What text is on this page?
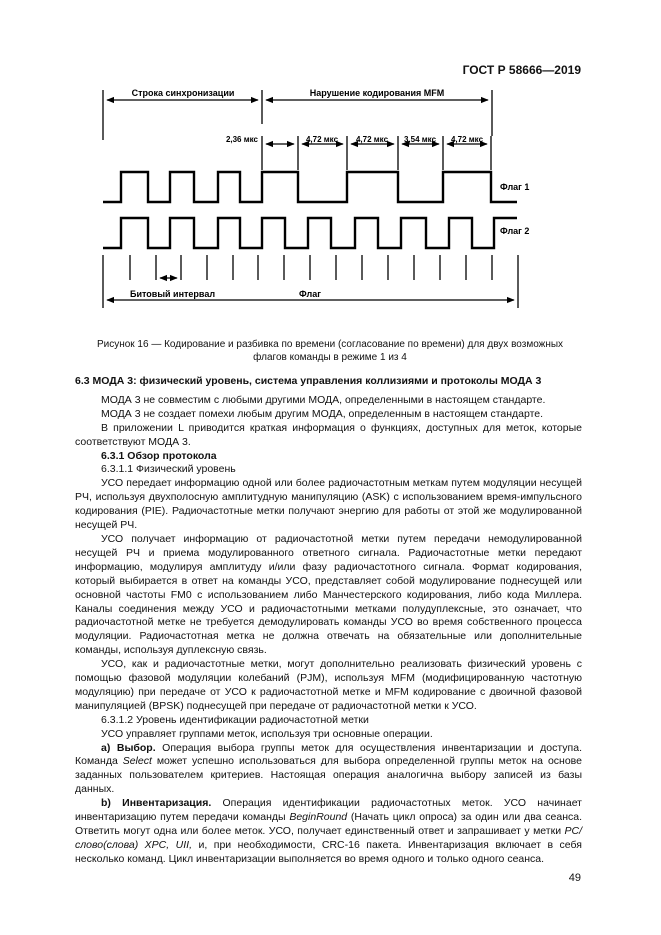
ГОСТ Р 58666—2019
Строка синхронизации	Нарушение кодирования MFM
2,36 мкс	4,72 мкс 4,72 мкс 3,54 мкс 4,72 мкс
Флаг 1
Флаг 2
Битовый интервал	Флаг
Рисунок 16 — Кодирование и разбивка по времени (согласование по времени) для двух возможных флагов команды в режиме 1 из 4

6.3 МОДА 3: физический уровень, система управления коллизиями и протоколы МОДА 3

МОДА 3 не совместим с любыми другими МОДА, определенными в настоящем стандарте.

МОДА 3 не создает помехи любым другим МОДА, определенным в настоящем стандарте.

В приложении L приводится краткая информация о функциях, доступных для меток, которые соответствуют МОДА 3.

6.3.1 Обзор протокола

6.3.1.1 Физический уровень

УСО передает информацию одной или более радиочастотным меткам путем модуляции несущей РЧ, используя двухполосную амплитудную манипуляцию (ASK) с использованием время-импульсного кодирования (PIE). Радиочастотные метки получают энергию для работы от этой же модулированной несущей РЧ.

УСО получает информацию от радиочастотной метки путем передачи немодулированной несущей РЧ и приема модулированного ответного сигнала. Радиочастотные метки передают информацию, модулируя амплитуду и/или фазу радиочастотного сигнала. Формат кодирования, который выбирается в ответ на команды УСО, представляет собой модулирование поднесущей или основной частоты FM0 с использованием либо Манчестерского кодирования, либо кода Миллера. Каналы соединения между УСО и радиочастотными метками полудуплексные, это означает, что радиочастотной метке не требуется демодулировать команды УСО во время собственного процесса модуляции. Радиочастотная метка не должна отвечать на обязательные или дополнительные команды, используя дуплексную связь.

УСО, как и радиочастотные метки, могут дополнительно реализовать физический уровень с помощью фазовой модуляции колебаний (PJM), используя MFM (модифицированную частотную модуляцию) при передаче от УСО к радиочастотной метке и MFM кодирование с двоичной фазовой манипуляцией (BPSK) поднесущей при передаче от радиочастотной метки к УСО.

6.3.1.2 Уровень идентификации радиочастотной метки

УСО управляет группами меток, используя три основные операции.

а) Выбор. Операция выбора группы меток для осуществления инвентаризации и доступа. Команда Select может успешно использоваться для выбора определенной группы меток на основе заданных пользователем критериев. Настоящая операция аналогична выбору записей из базы данных.

b) Инвентаризация. Операция идентификации радиочастотных меток. УСО начинает инвентаризацию путем передачи команды BeginRound (Начать цикл опроса) за один или два сеанса. Ответить могут одна или более меток. УСО, получает единственный ответ и запрашивает у метки PC/слово(слова) XPC, UII, и, при необходимости, CRC-16 пакета. Инвентаризация включает в себя несколько команд. Цикл инвентаризации выполняется во время одного и только одного сеанса.

49
